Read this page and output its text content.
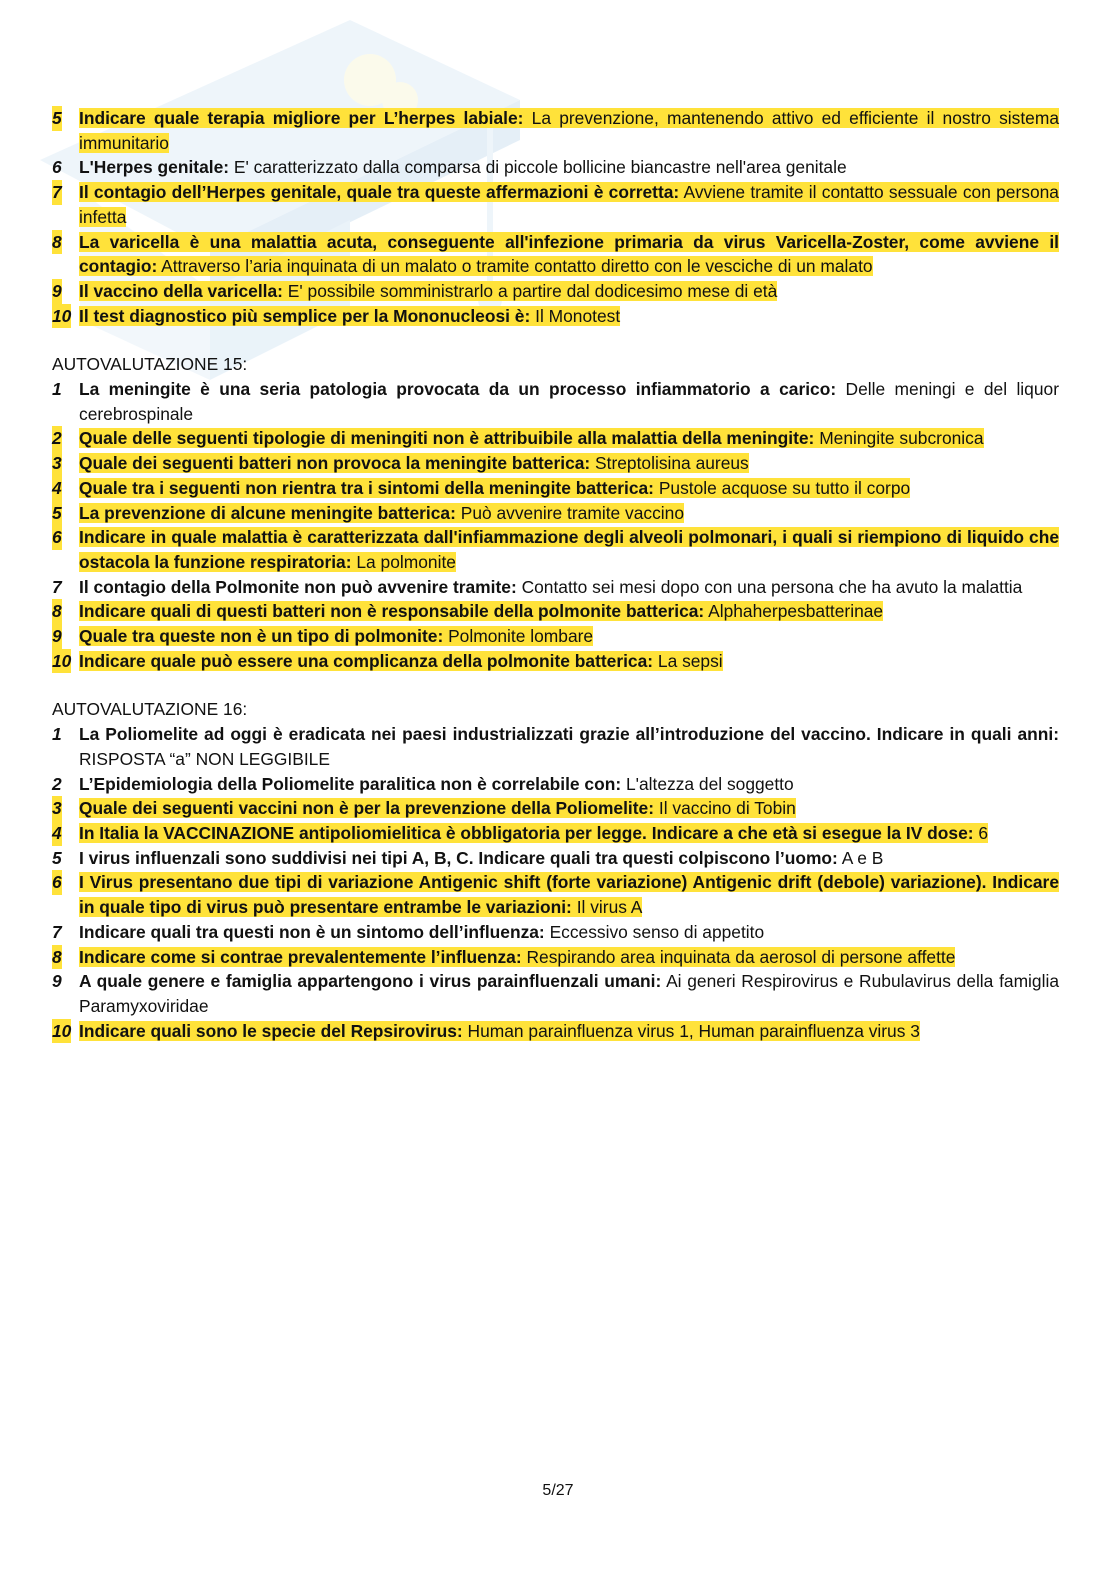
5 Indicare quale terapia migliore per L’herpes labiale: La prevenzione, mantenendo attivo ed efficiente il nostro sistema immunitario
6 L'Herpes genitale: E' caratterizzato dalla comparsa di piccole bollicine biancastre nell'area genitale
7 Il contagio dell’Herpes genitale, quale tra queste affermazioni è corretta: Avviene tramite il contatto sessuale con persona infetta
8 La varicella è una malattia acuta, conseguente all'infezione primaria da virus Varicella-Zoster, come avviene il contagio: Attraverso l’aria inquinata di un malato o tramite contatto diretto con le vesciche di un malato
9 Il vaccino della varicella: E' possibile somministrarlo a partire dal dodicesimo mese di età
10 Il test diagnostico più semplice per la Mononucleosi è: Il Monotest

AUTOVALUTAZIONE 15:

1 La meningite è una seria patologia provocata da un processo infiammatorio a carico: Delle meningi e del liquor cerebrospinale
2 Quale delle seguenti tipologie di meningiti non è attribuibile alla malattia della meningite: Meningite subcronica
3 Quale dei seguenti batteri non provoca la meningite batterica: Streptolisina aureus
4 Quale tra i seguenti non rientra tra i sintomi della meningite batterica: Pustole acquose su tutto il corpo
5 La prevenzione di alcune meningite batterica: Può avvenire tramite vaccino
6 Indicare in quale malattia è caratterizzata dall'infiammazione degli alveoli polmonari, i quali si riempiono di liquido che ostacola la funzione respiratoria: La polmonite
7 Il contagio della Polmonite non può avvenire tramite: Contatto sei mesi dopo con una persona che ha avuto la malattia
8 Indicare quali di questi batteri non è responsabile della polmonite batterica: Alphaherpesbatterinae
9 Quale tra queste non è un tipo di polmonite: Polmonite lombare
10 Indicare quale può essere una complicanza della polmonite batterica: La sepsi

AUTOVALUTAZIONE 16:

1 La Poliomelite ad oggi è eradicata nei paesi industrializzati grazie all’introduzione del vaccino. Indicare in quali anni: RISPOSTA “a” NON LEGGIBILE
2 L’Epidemiologia della Poliomelite paralitica non è correlabile con: L'altezza del soggetto
3 Quale dei seguenti vaccini non è per la prevenzione della Poliomelite: Il vaccino di Tobin
4 In Italia la VACCINAZIONE antipoliomielitica è obbligatoria per legge. Indicare a che età si esegue la IV dose: 6
5 I virus influenzali sono suddivisi nei tipi A, B, C. Indicare quali tra questi colpiscono l’uomo: A e B
6 I Virus presentano due tipi di variazione Antigenic shift (forte variazione) Antigenic drift (debole) variazione). Indicare in quale tipo di virus può presentare entrambe le variazioni: Il virus A
7 Indicare quali tra questi non è un sintomo dell’influenza: Eccessivo senso di appetito
8 Indicare come si contrae prevalentemente l’influenza: Respirando area inquinata da aerosol di persone affette
9 A quale genere e famiglia appartengono i virus parainfluenzali umani: Ai generi Respirovirus e Rubulavirus della famiglia Paramyxoviridae
10 Indicare quali sono le specie del Repsirovirus: Human parainfluenza virus 1, Human parainfluenza virus 3
5/27
